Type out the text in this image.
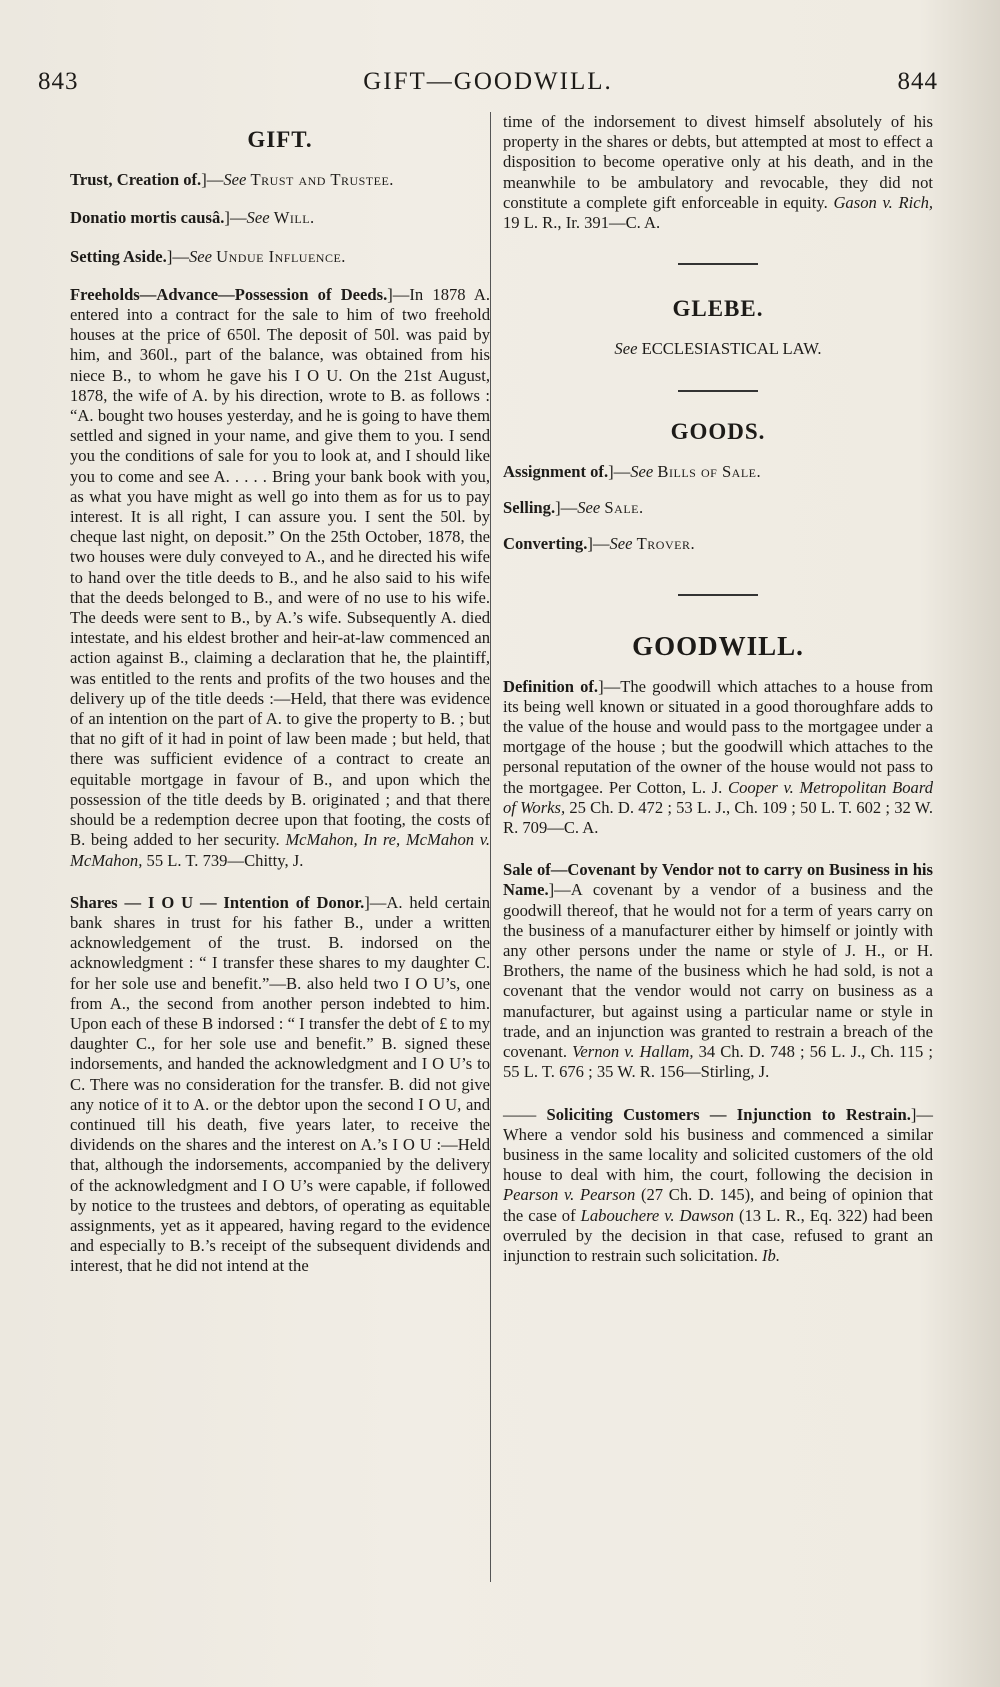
843	GIFT—GOODWILL.	844
GIFT.

Trust, Creation of.]—See Trust and Trustee.

Donatio mortis causâ.]—See Will.

Setting Aside.]—See Undue Influence.

Freeholds—Advance—Possession of Deeds.]—In 1878 A. entered into a contract for the sale to him of two freehold houses at the price of 650l. The deposit of 50l. was paid by him, and 360l., part of the balance, was obtained from his niece B., to whom he gave his I O U. On the 21st August, 1878, the wife of A. by his direction, wrote to B. as follows : “A. bought two houses yesterday, and he is going to have them settled and signed in your name, and give them to you. I send you the conditions of sale for you to look at, and I should like you to come and see A. . . . . Bring your bank book with you, as what you have might as well go into them as for us to pay interest. It is all right, I can assure you. I sent the 50l. by cheque last night, on deposit.” On the 25th October, 1878, the two houses were duly conveyed to A., and he directed his wife to hand over the title deeds to B., and he also said to his wife that the deeds belonged to B., and were of no use to his wife. The deeds were sent to B., by A.’s wife. Subsequently A. died intestate, and his eldest brother and heir-at-law commenced an action against B., claiming a declaration that he, the plaintiff, was entitled to the rents and profits of the two houses and the delivery up of the title deeds :—Held, that there was evidence of an intention on the part of A. to give the property to B. ; but that no gift of it had in point of law been made ; but held, that there was sufficient evidence of a contract to create an equitable mortgage in favour of B., and upon which the possession of the title deeds by B. originated ; and that there should be a redemption decree upon that footing, the costs of B. being added to her security. McMahon, In re, McMahon v. McMahon, 55 L. T. 739—Chitty, J.

Shares — I O U — Intention of Donor.]—A. held certain bank shares in trust for his father B., under a written acknowledgement of the trust. B. indorsed on the acknowledgment : “ I transfer these shares to my daughter C. for her sole use and benefit.”—B. also held two I O U’s, one from A., the second from another person indebted to him. Upon each of these B indorsed : “ I transfer the debt of £ to my daughter C., for her sole use and benefit.” B. signed these indorsements, and handed the acknowledgment and I O U’s to C. There was no consideration for the transfer. B. did not give any notice of it to A. or the debtor upon the second I O U, and continued till his death, five years later, to receive the dividends on the shares and the interest on A.’s I O U :—Held that, although the indorsements, accompanied by the delivery of the acknowledgment and I O U’s were capable, if followed by notice to the trustees and debtors, of operating as equitable assignments, yet as it appeared, having regard to the evidence and especially to B.’s receipt of the subsequent dividends and interest, that he did not intend at the

time of the indorsement to divest himself absolutely of his property in the shares or debts, but attempted at most to effect a disposition to become operative only at his death, and in the meanwhile to be ambulatory and revocable, they did not constitute a complete gift enforceable in equity. Gason v. Rich, 19 L. R., Ir. 391—C. A.

GLEBE.

See ECCLESIASTICAL LAW.

GOODS.

Assignment of.]—See Bills of Sale.

Selling.]—See Sale.

Converting.]—See Trover.

GOODWILL.

Definition of.]—The goodwill which attaches to a house from its being well known or situated in a good thoroughfare adds to the value of the house and would pass to the mortgagee under a mortgage of the house ; but the goodwill which attaches to the personal reputation of the owner of the house would not pass to the mortgagee. Per Cotton, L. J. Cooper v. Metropolitan Board of Works, 25 Ch. D. 472 ; 53 L. J., Ch. 109 ; 50 L. T. 602 ; 32 W. R. 709—C. A.

Sale of—Covenant by Vendor not to carry on Business in his Name.]—A covenant by a vendor of a business and the goodwill thereof, that he would not for a term of years carry on the business of a manufacturer either by himself or jointly with any other persons under the name or style of J. H., or H. Brothers, the name of the business which he had sold, is not a covenant that the vendor would not carry on business as a manufacturer, but against using a particular name or style in trade, and an injunction was granted to restrain a breach of the covenant. Vernon v. Hallam, 34 Ch. D. 748 ; 56 L. J., Ch. 115 ; 55 L. T. 676 ; 35 W. R. 156—Stirling, J.

—— Soliciting Customers — Injunction to Restrain.]—Where a vendor sold his business and commenced a similar business in the same locality and solicited customers of the old house to deal with him, the court, following the decision in Pearson v. Pearson (27 Ch. D. 145), and being of opinion that the case of Labouchere v. Dawson (13 L. R., Eq. 322) had been overruled by the decision in that case, refused to grant an injunction to restrain such solicitation. Ib.
